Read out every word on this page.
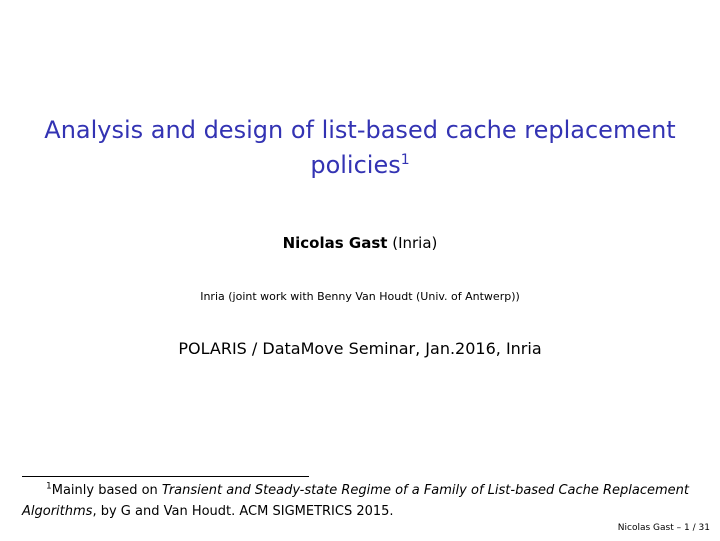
Analysis and design of list-based cache replacement policies$^1$
Nicolas Gast (Inria)
Inria (joint work with Benny Van Houdt (Univ. of Antwerp))
POLARIS / DataMove Seminar, Jan.2016, Inria
$^1$Mainly based on Transient and Steady-state Regime of a Family of List-based Cache Replacement Algorithms, by G and Van Houdt. ACM SIGMETRICS 2015.
Nicolas Gast – 1 / 31
